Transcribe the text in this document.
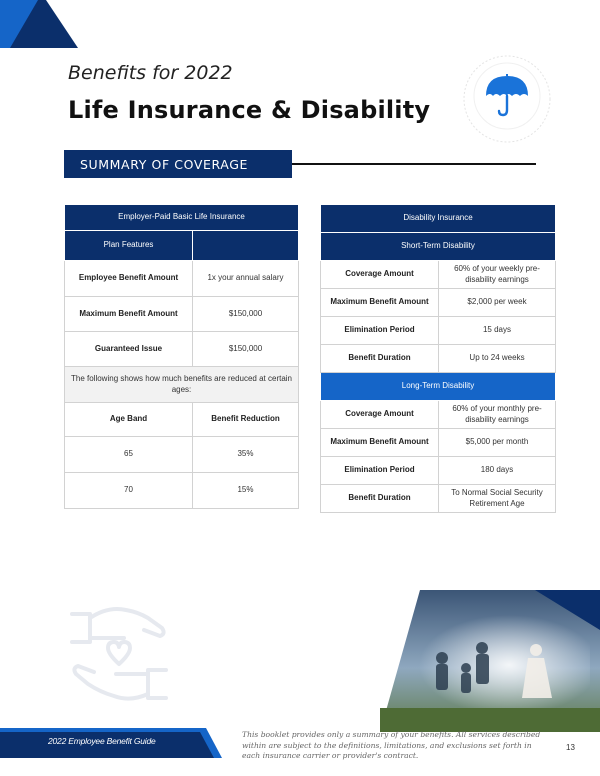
Benefits for 2022
Life Insurance & Disability
SUMMARY OF COVERAGE
Employer-Paid Basic Life Insurance	
Plan Features	
Employee Benefit Amount	1x your annual salary
Maximum Benefit Amount	$150,000
Guaranteed Issue	$150,000
The following shows how much benefits are reduced at certain ages:	
Age Band	Benefit Reduction
65	35%
70	15%
Disability Insurance	
Short-Term Disability	
Coverage Amount	60% of your weekly pre-disability earnings
Maximum Benefit Amount	$2,000 per week
Elimination Period	15 days
Benefit Duration	Up to 24 weeks
Long-Term Disability	
Coverage Amount	60% of your monthly pre-disability earnings
Maximum Benefit Amount	$5,000 per month
Elimination Period	180 days
Benefit Duration	To Normal Social Security Retirement Age
2022 Employee Benefit Guide
This booklet provides only a summary of your benefits. All services described within are subject to the definitions, limitations, and exclusions set forth in each insurance carrier or provider's contract.
13
